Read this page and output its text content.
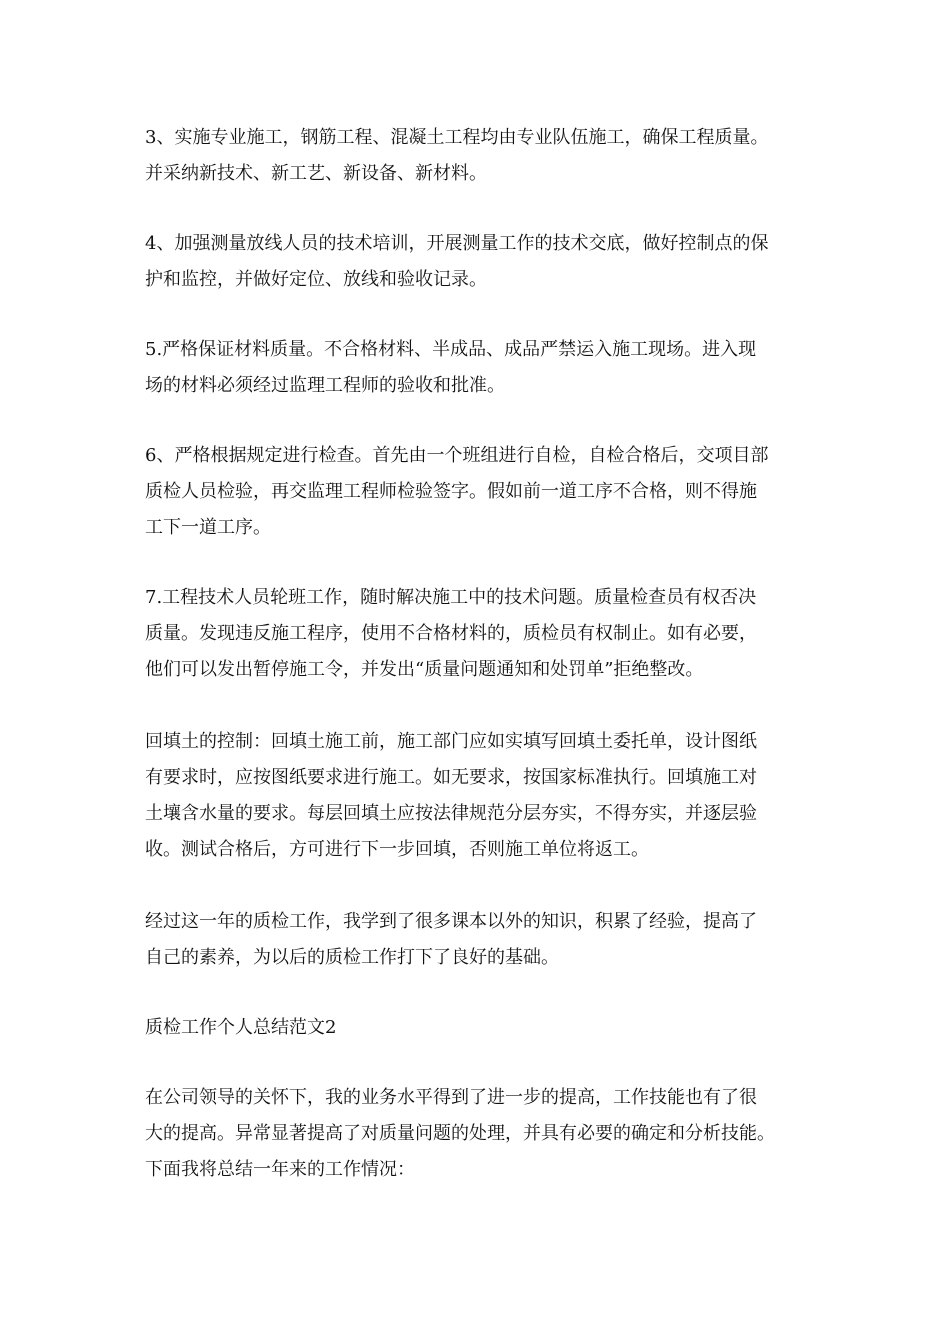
3、实施专业施工，钢筋工程、混凝土工程均由专业队伍施工，确保工程质量。
并采纳新技术、新工艺、新设备、新材料。
4、加强测量放线人员的技术培训，开展测量工作的技术交底，做好控制点的保
护和监控，并做好定位、放线和验收记录。
5.严格保证材料质量。不合格材料、半成品、成品严禁运入施工现场。进入现
场的材料必须经过监理工程师的验收和批准。
6、严格根据规定进行检查。首先由一个班组进行自检，自检合格后，交项目部
质检人员检验，再交监理工程师检验签字。假如前一道工序不合格，则不得施
工下一道工序。
7.工程技术人员轮班工作，随时解决施工中的技术问题。质量检查员有权否决
质量。发现违反施工程序，使用不合格材料的，质检员有权制止。如有必要，
他们可以发出暂停施工令，并发出“质量问题通知和处罚单”拒绝整改。
回填土的控制：回填土施工前，施工部门应如实填写回填土委托单，设计图纸
有要求时，应按图纸要求进行施工。如无要求，按国家标准执行。回填施工对
土壤含水量的要求。每层回填土应按法律规范分层夯实，不得夯实，并逐层验
收。测试合格后，方可进行下一步回填，否则施工单位将返工。
经过这一年的质检工作，我学到了很多课本以外的知识，积累了经验，提高了
自己的素养，为以后的质检工作打下了良好的基础。
质检工作个人总结范文2
在公司领导的关怀下，我的业务水平得到了进一步的提高，工作技能也有了很
大的提高。异常显著提高了对质量问题的处理，并具有必要的确定和分析技能。
下面我将总结一年来的工作情况：
